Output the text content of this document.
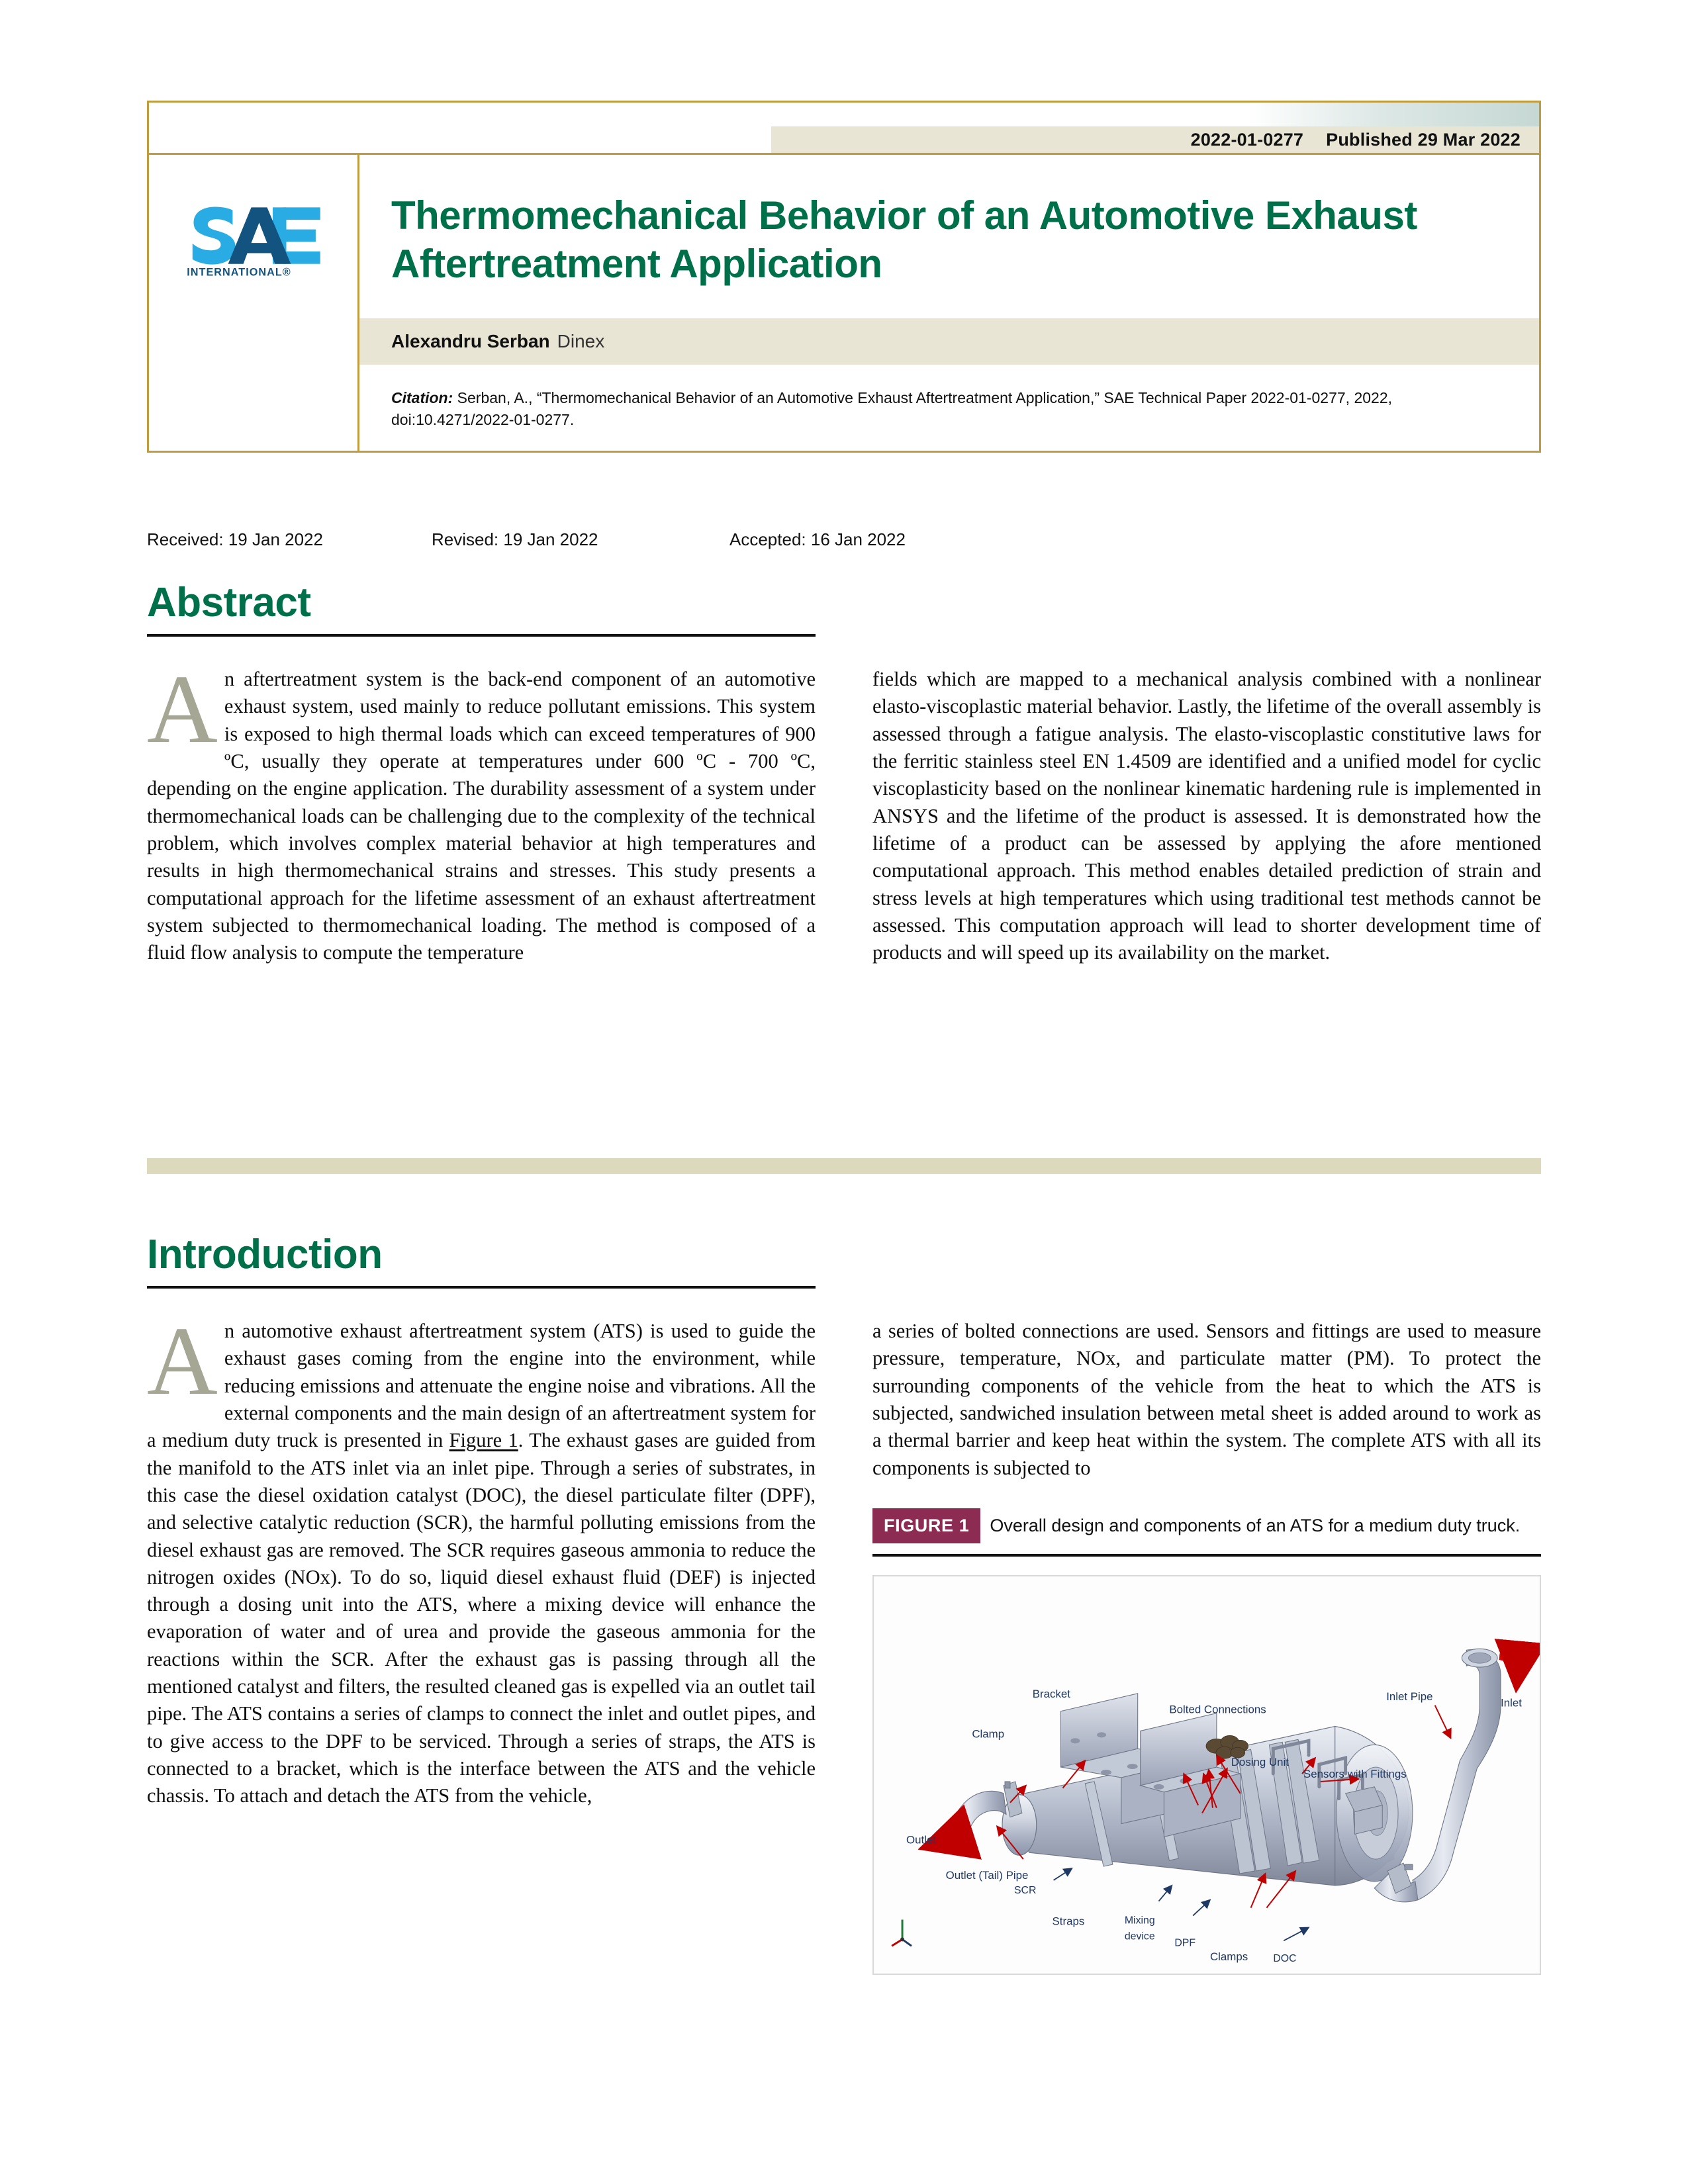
2022-01-0277 Published 29 Mar 2022
INTERNATIONAL®
Thermomechanical Behavior of an Automotive Exhaust Aftertreatment Application
Alexandru Serban Dinex
Citation: Serban, A., “Thermomechanical Behavior of an Automotive Exhaust Aftertreatment Application,” SAE Technical Paper 2022-01-0277, 2022, doi:10.4271/2022-01-0277.
Received: 19 Jan 2022	Revised: 19 Jan 2022	Accepted: 16 Jan 2022
Abstract

An aftertreatment system is the back-end component of an automotive exhaust system, used mainly to reduce pollutant emissions. This system is exposed to high thermal loads which can exceed temperatures of 900 ºC, usually they operate at temperatures under 600 ºC - 700 ºC, depending on the engine application. The durability assessment of a system under thermomechanical loads can be challenging due to the complexity of the technical problem, which involves complex material behavior at high temperatures and results in high thermomechanical strains and stresses. This study presents a computational approach for the lifetime assessment of an exhaust aftertreatment system subjected to thermomechanical loading. The method is composed of a fluid flow analysis to compute the temperature

fields which are mapped to a mechanical analysis combined with a nonlinear elasto-viscoplastic material behavior. Lastly, the lifetime of the overall assembly is assessed through a fatigue analysis. The elasto-viscoplastic constitutive laws for the ferritic stainless steel EN 1.4509 are identified and a unified model for cyclic viscoplasticity based on the nonlinear kinematic hardening rule is implemented in ANSYS and the lifetime of the product is assessed. It is demonstrated how the lifetime of a product can be assessed by applying the afore mentioned computational approach. This method enables detailed prediction of strain and stress levels at high temperatures which using traditional test methods cannot be assessed. This computation approach will lead to shorter development time of products and will speed up its availability on the market.

Introduction

An automotive exhaust aftertreatment system (ATS) is used to guide the exhaust gases coming from the engine into the environment, while reducing emissions and attenuate the engine noise and vibrations. All the external components and the main design of an aftertreatment system for a medium duty truck is presented in Figure 1. The exhaust gases are guided from the manifold to the ATS inlet via an inlet pipe. Through a series of substrates, in this case the diesel oxidation catalyst (DOC), the diesel particulate filter (DPF), and selective catalytic reduction (SCR), the harmful polluting emissions from the diesel exhaust gas are removed. The SCR requires gaseous ammonia to reduce the nitrogen oxides (NOx). To do so, liquid diesel exhaust fluid (DEF) is injected through a dosing unit into the ATS, where a mixing device will enhance the evaporation of water and of urea and provide the gaseous ammonia for the reactions within the SCR. After the exhaust gas is passing through all the mentioned catalyst and filters, the resulted cleaned gas is expelled via an outlet tail pipe. The ATS contains a series of clamps to connect the inlet and outlet pipes, and to give access to the DPF to be serviced. Through a series of straps, the ATS is connected to a bracket, which is the interface between the ATS and the vehicle chassis. To attach and detach the ATS from the vehicle,

a series of bolted connections are used. Sensors and fittings are used to measure pressure, temperature, NOx, and particulate matter (PM). To protect the surrounding components of the vehicle from the heat to which the ATS is subjected, sandwiched insulation between metal sheet is added around to work as a thermal barrier and keep heat within the system. The complete ATS with all its components is subjected to

FIGURE 1 Overall design and components of an ATS for a medium duty truck.
Bracket
Bolted Connections
Clamp
Dosing Unit
Sensors with Fittings
Inlet Pipe
Inlet
Outlet
Outlet (Tail) Pipe
SCR
Straps	Mixing
device
DPF
Clamps DOC
